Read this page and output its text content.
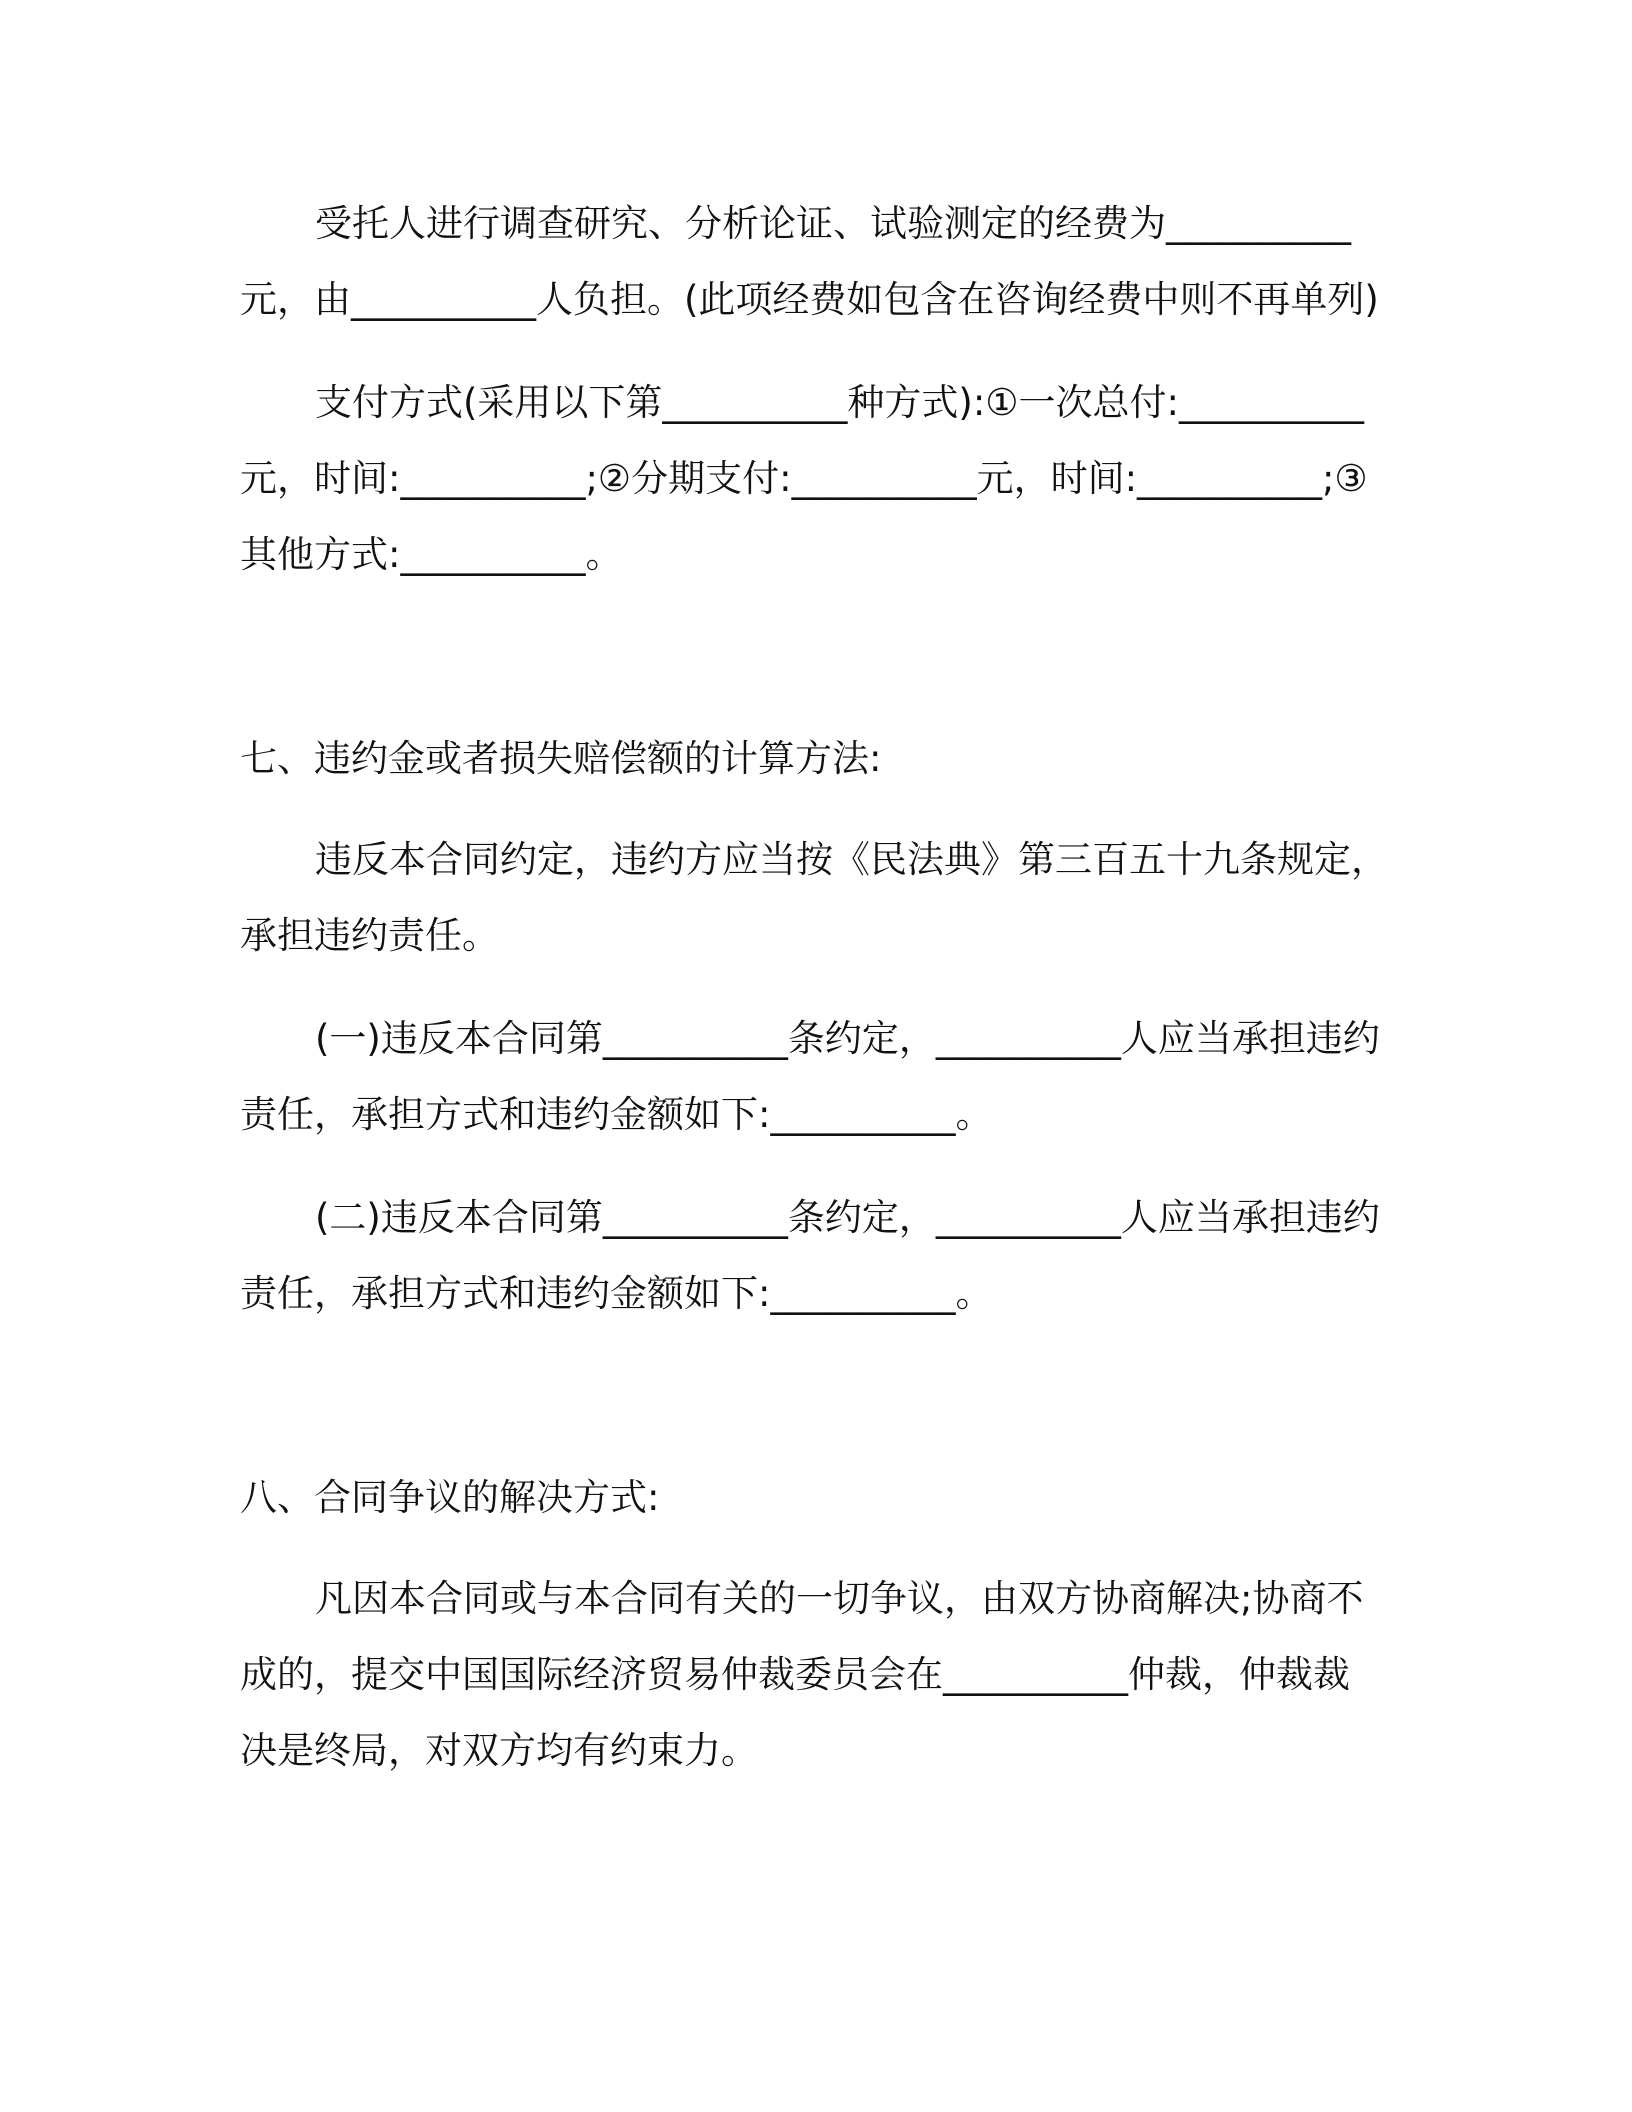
受托人进行调查研究、分析论证、试验测定的经费为__________
元，由__________人负担。(此项经费如包含在咨询经费中则不再单列)
支付方式(采用以下第__________种方式):①一次总付:__________
元，时间:__________;②分期支付:__________元，时间:__________;③
其他方式:__________。
七、违约金或者损失赔偿额的计算方法:
违反本合同约定，违约方应当按《民法典》第三百五十九条规定，
承担违约责任。
(一)违反本合同第__________条约定，__________人应当承担违约
责任，承担方式和违约金额如下:__________。
(二)违反本合同第__________条约定，__________人应当承担违约
责任，承担方式和违约金额如下:__________。
八、合同争议的解决方式:
凡因本合同或与本合同有关的一切争议，由双方协商解决;协商不
成的，提交中国国际经济贸易仲裁委员会在__________仲裁，仲裁裁
决是终局，对双方均有约束力。
